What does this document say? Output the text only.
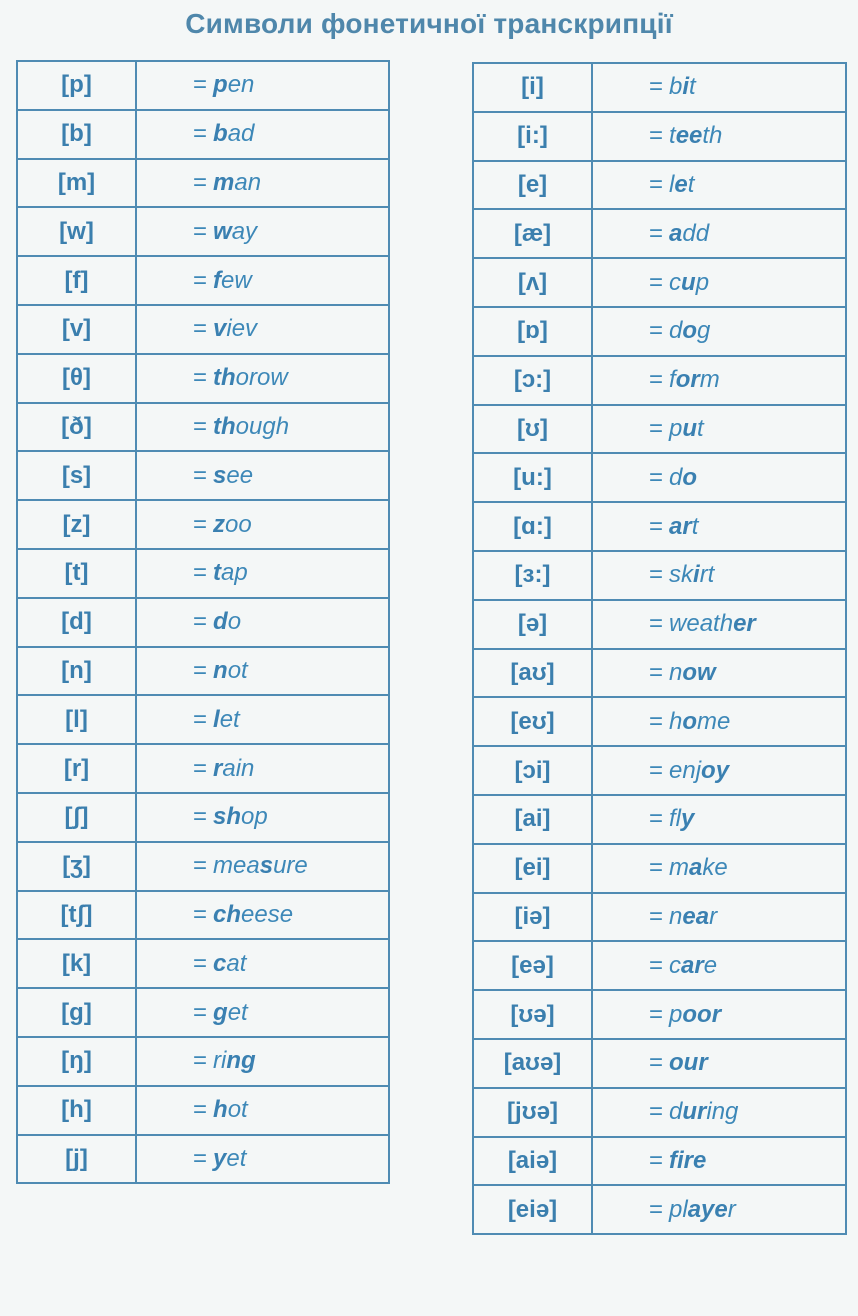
Символи фонетичної транскрипції
[p]	= pen
[b]	= bad
[m]	= man
[w]	= way
[f]	= few
[v]	= viev
[θ]	= thorow
[ð]	= though
[s]	= see
[z]	= zoo
[t]	= tap
[d]	= do
[n]	= not
[l]	= let
[r]	= rain
[ʃ]	= shop
[ʒ]	= measure
[tʃ]	= cheese
[k]	= cat
[g]	= get
[ŋ]	= ring
[h]	= hot
[j]	= yet
[i]	= bit
[i:]	= teeth
[e]	= let
[æ]	= add
[ʌ]	= cup
[ɒ]	= dog
[ɔ:]	= form
[ʊ]	= put
[u:]	= do
[ɑ:]	= art
[ɜ:]	= skirt
[ə]	= weather
[aʊ]	= now
[eʊ]	= home
[ɔi]	= enjoy
[ai]	= fly
[ei]	= make
[iə]	= near
[eə]	= care
[ʊə]	= poor
[aʊə]	= our
[jʊə]	= during
[aiə]	= fire
[eiə]	= player
